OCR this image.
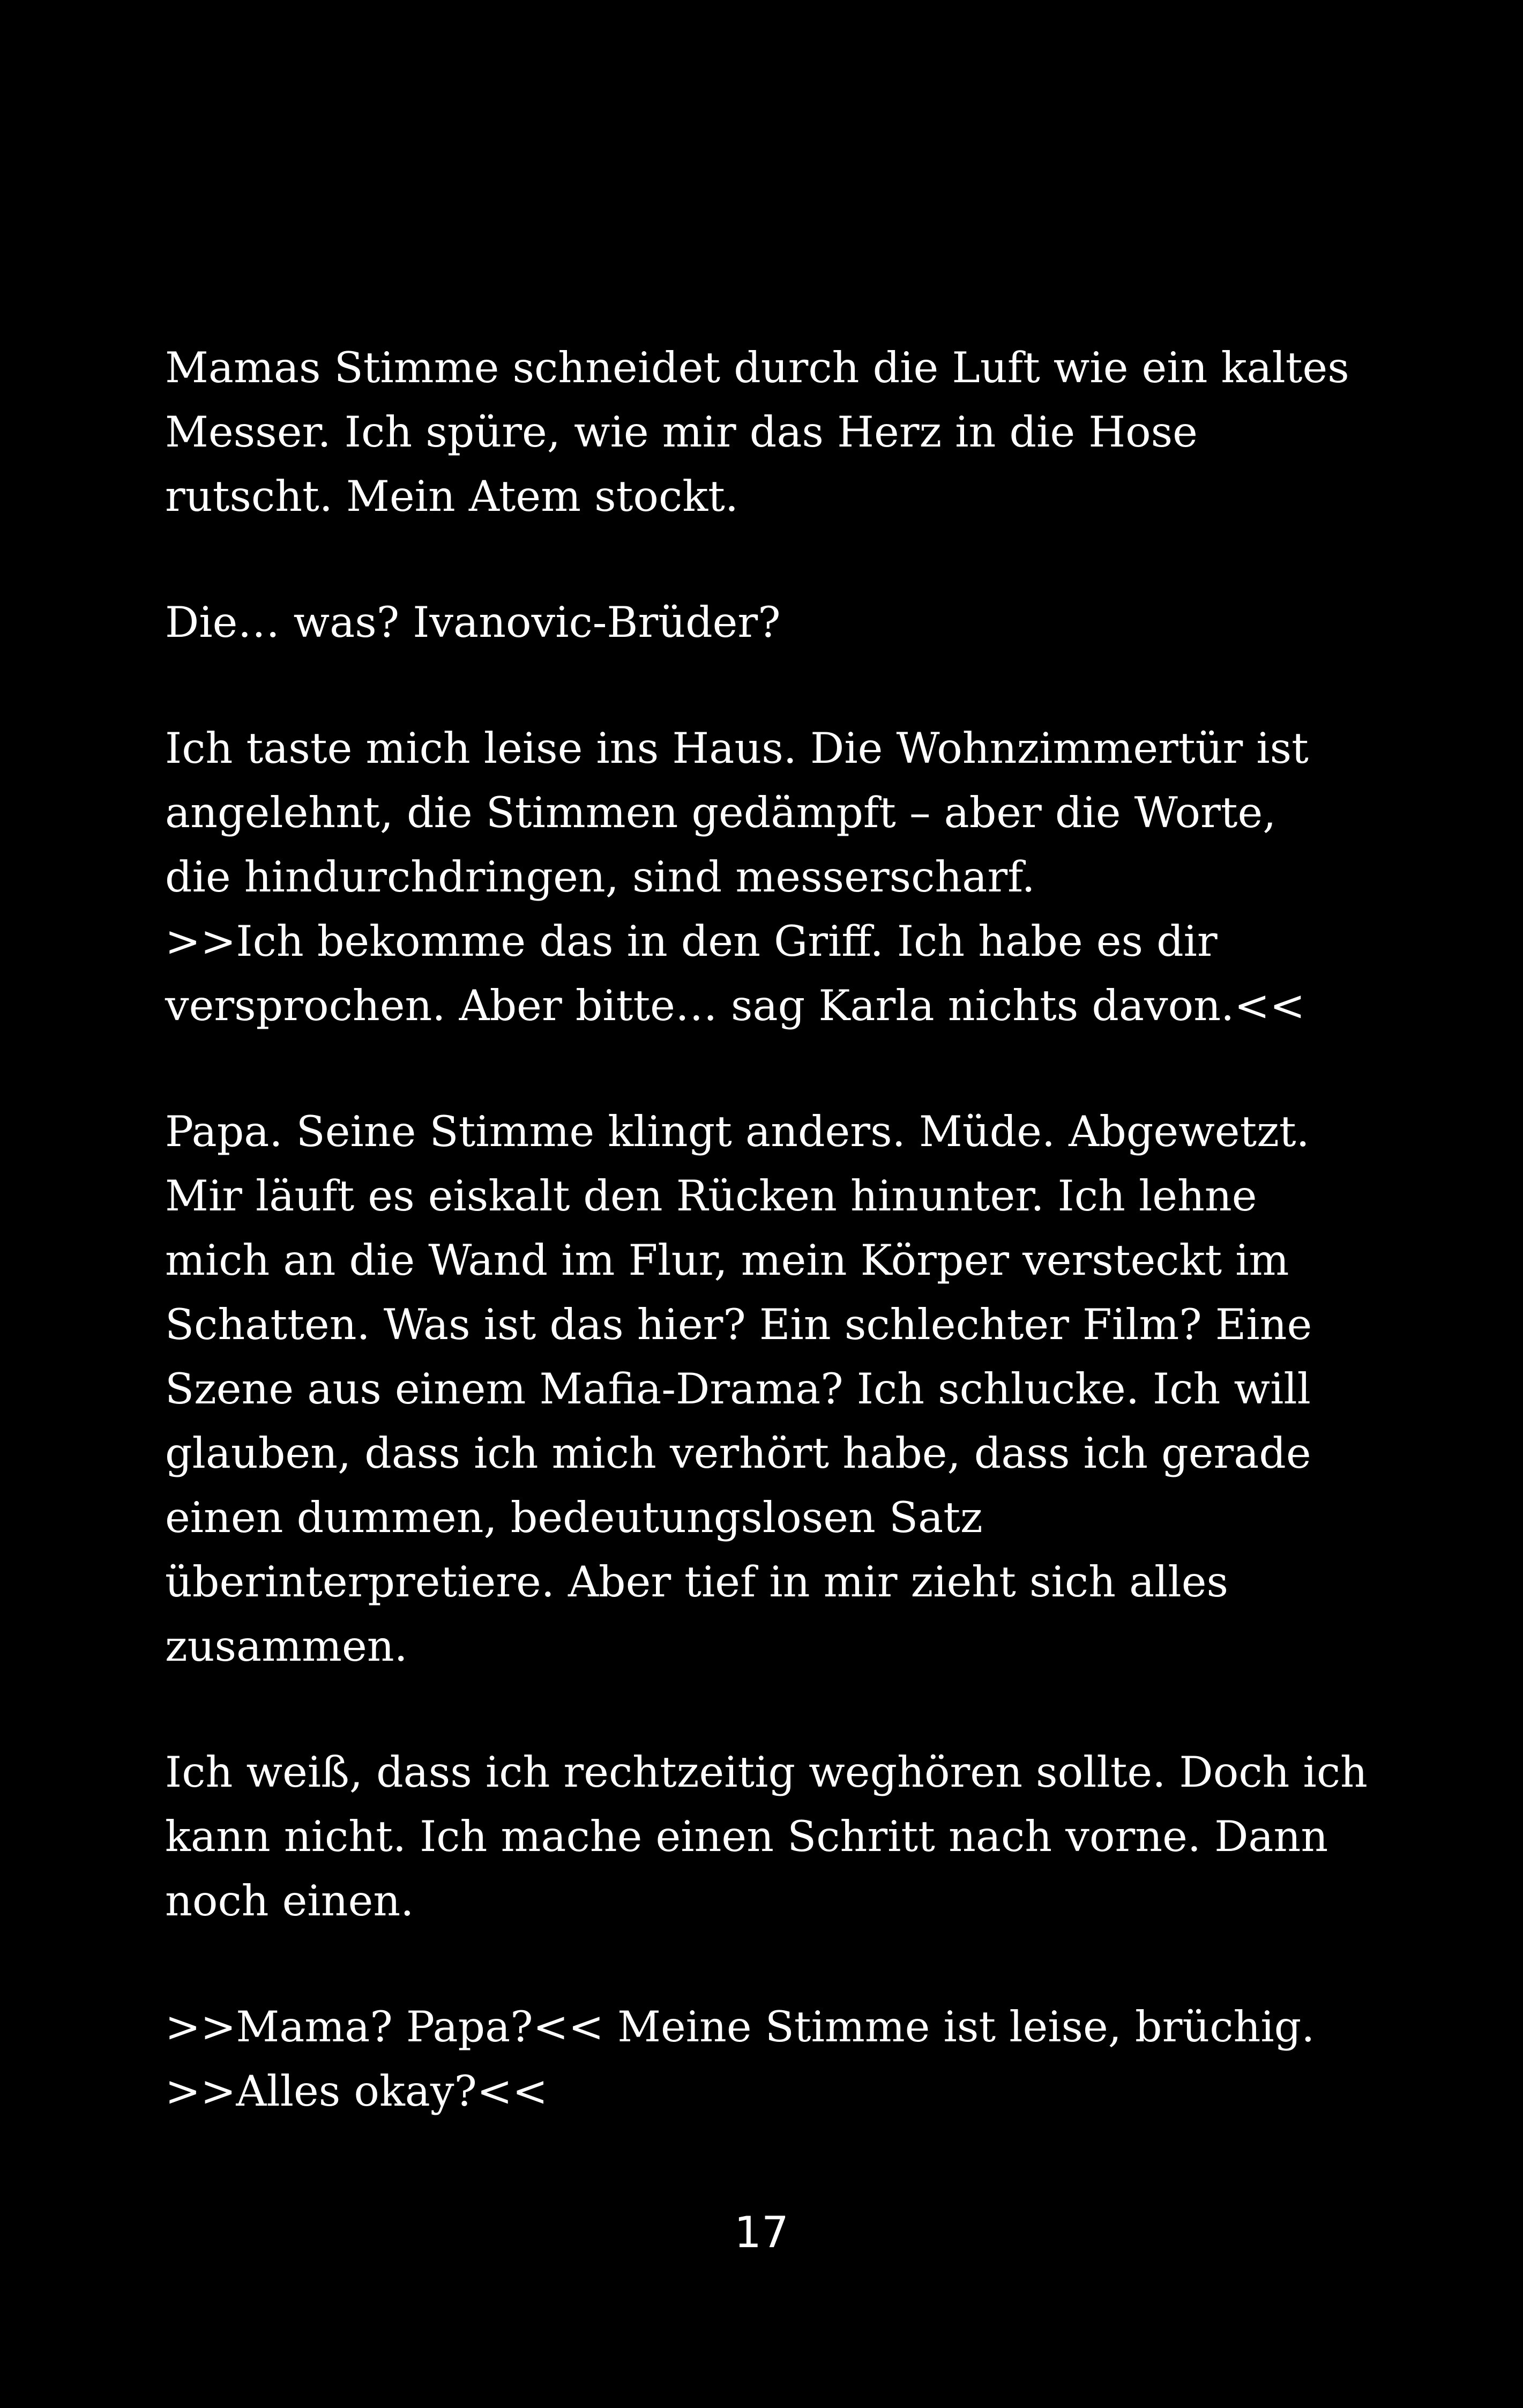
Mamas Stimme schneidet durch die Luft wie ein kaltes
Messer. Ich spüre, wie mir das Herz in die Hose
rutscht. Mein Atem stockt.
Die… was? Ivanovic-Brüder?
Ich taste mich leise ins Haus. Die Wohnzimmertür ist
angelehnt, die Stimmen gedämpft – aber die Worte,
die hindurchdringen, sind messerscharf.
>>Ich bekomme das in den Griff. Ich habe es dir
versprochen. Aber bitte… sag Karla nichts davon.<<
Papa. Seine Stimme klingt anders. Müde. Abgewetzt.
Mir läuft es eiskalt den Rücken hinunter. Ich lehne
mich an die Wand im Flur, mein Körper versteckt im
Schatten. Was ist das hier? Ein schlechter Film? Eine
Szene aus einem Mafia-Drama? Ich schlucke. Ich will
glauben, dass ich mich verhört habe, dass ich gerade
einen dummen, bedeutungslosen Satz
überinterpretiere. Aber tief in mir zieht sich alles
zusammen.
Ich weiß, dass ich rechtzeitig weghören sollte. Doch ich
kann nicht. Ich mache einen Schritt nach vorne. Dann
noch einen.
>>Mama? Papa?<< Meine Stimme ist leise, brüchig.
>>Alles okay?<<
17
